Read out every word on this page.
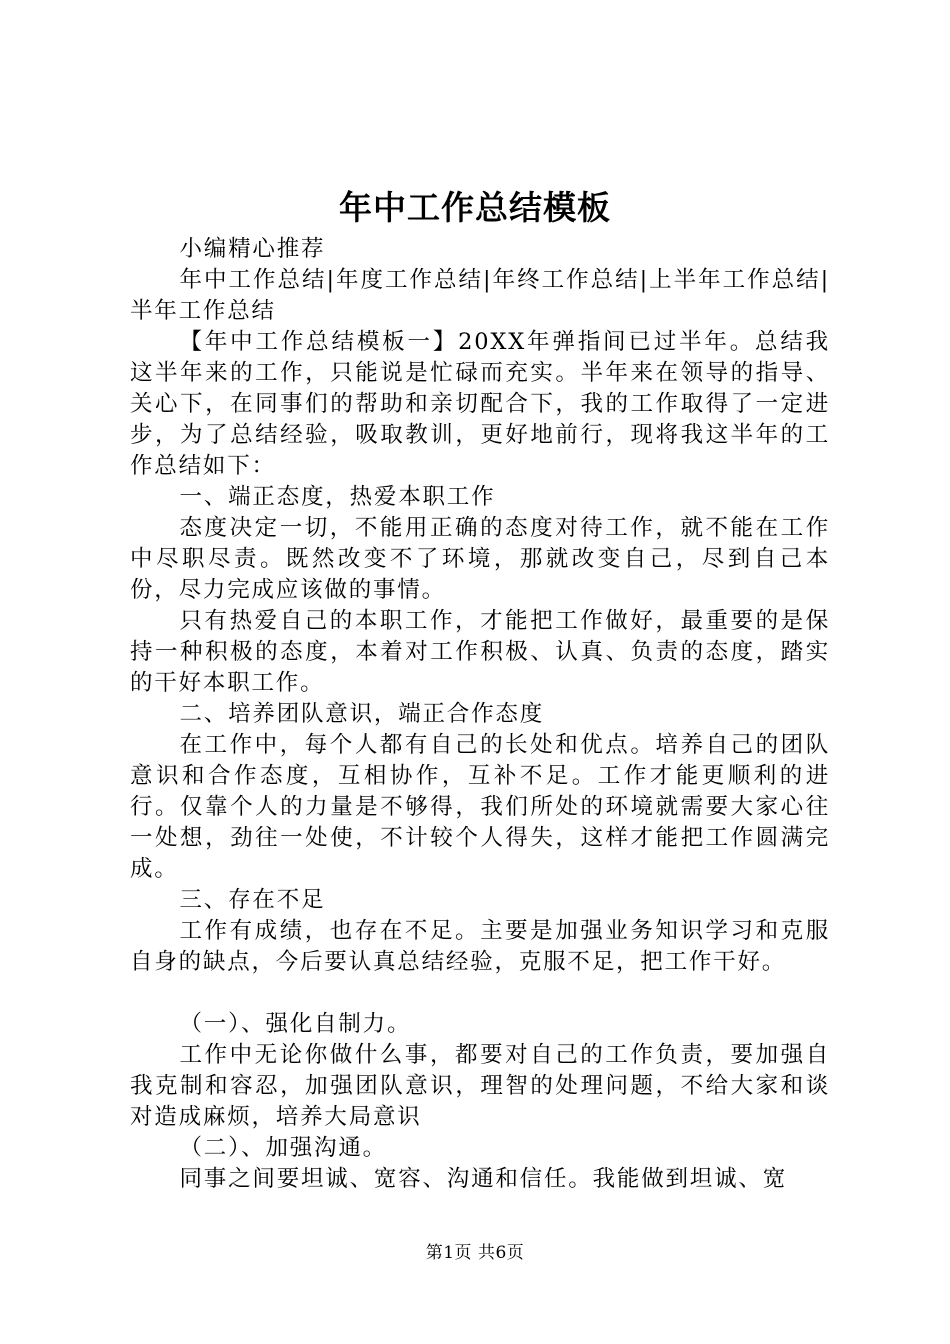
年中工作总结模板

小编精心推荐

年中工作总结|年度工作总结|年终工作总结|上半年工作总结|半年工作总结

【年中工作总结模板一】20XX年弹指间已过半年。总结我这半年来的工作，只能说是忙碌而充实。半年来在领导的指导、关心下，在同事们的帮助和亲切配合下，我的工作取得了一定进步，为了总结经验，吸取教训，更好地前行，现将我这半年的工作总结如下：

一、端正态度，热爱本职工作

态度决定一切，不能用正确的态度对待工作，就不能在工作中尽职尽责。既然改变不了环境，那就改变自己，尽到自己本份，尽力完成应该做的事情。

只有热爱自己的本职工作，才能把工作做好，最重要的是保持一种积极的态度，本着对工作积极、认真、负责的态度，踏实的干好本职工作。

二、培养团队意识，端正合作态度

在工作中，每个人都有自己的长处和优点。培养自己的团队意识和合作态度，互相协作，互补不足。工作才能更顺利的进行。仅靠个人的力量是不够得，我们所处的环境就需要大家心往一处想，劲往一处使，不计较个人得失，这样才能把工作圆满完成。

三、存在不足

工作有成绩，也存在不足。主要是加强业务知识学习和克服自身的缺点，今后要认真总结经验，克服不足，把工作干好。

（一）、强化自制力。

工作中无论你做什么事，都要对自己的工作负责，要加强自我克制和容忍，加强团队意识，理智的处理问题，不给大家和谈对造成麻烦，培养大局意识

（二）、加强沟通。

同事之间要坦诚、宽容、沟通和信任。我能做到坦诚、宽

第1页 共6页
